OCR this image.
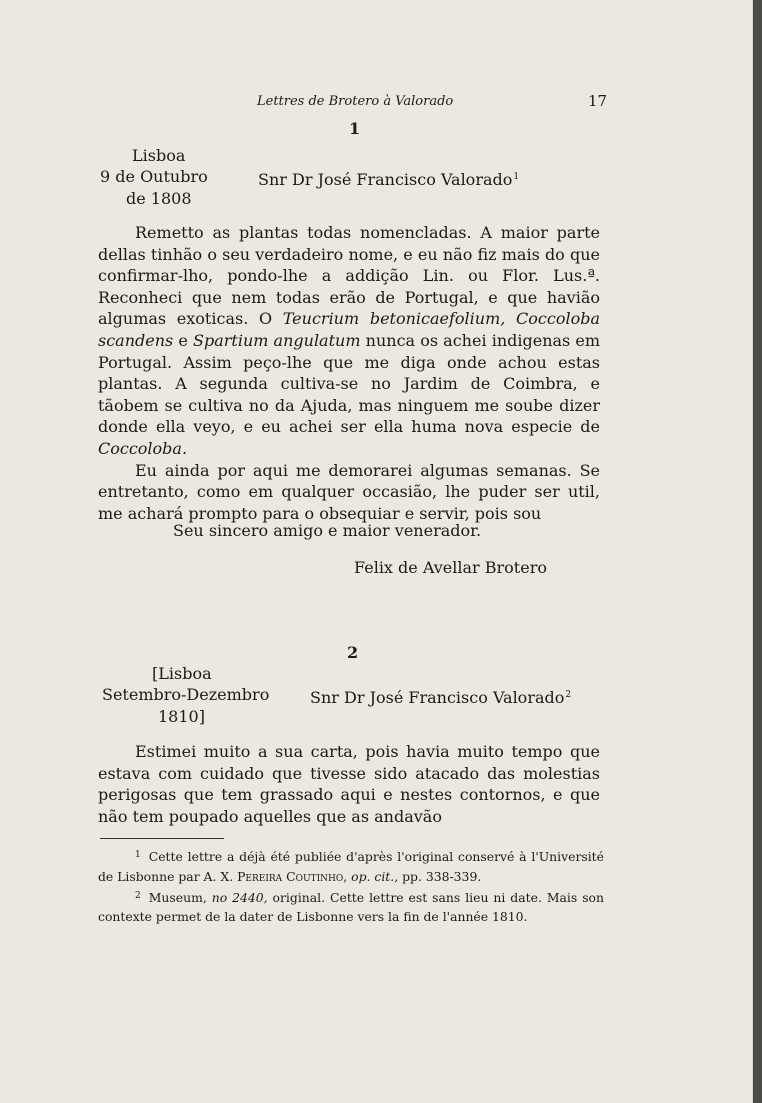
Lettres de Brotero à Valorado	17
1
Lisboa
9 de Outubro
de 1808
Snr Dr José Francisco Valorado$^1$

Remetto as plantas todas nomencladas. A maior parte dellas tinhão o seu verdadeiro nome, e eu não fiz mais do que confirmar-lho, pondo-lhe a addição Lin. ou Flor. Lus.ª. Reconheci que nem todas erão de Portugal, e que havião algumas exoticas. O Teucrium betonicaefolium, Coccoloba scandens e Spartium angulatum nunca os achei indigenas em Portugal. Assim peço-lhe que me diga onde achou estas plantas. A segunda cultiva-se no Jardim de Coimbra, e tãobem se cultiva no da Ajuda, mas ninguem me soube dizer donde ella veyo, e eu achei ser ella huma nova especie de Coccoloba.

Eu ainda por aqui me demorarei algumas semanas. Se entretanto, como em qualquer occasião, lhe puder ser util, me achará prompto para o obsequiar e servir, pois sou

Seu sincero amigo e maior venerador.
Felix de Avellar Brotero
2
[Lisboa
Setembro-Dezembro
1810]
Snr Dr José Francisco Valorado$^2$

Estimei muito a sua carta, pois havia muito tempo que estava com cuidado que tivesse sido atacado das molestias perigosas que tem grassado aqui e nestes contornos, e que não tem poupado aquelles que as andavão

$^1$ Cette lettre a déjà été publiée d'après l'original conservé à l'Université de Lisbonne par A. X. Pereira Coutinho, op. cit., pp. 338-339.

$^2$ Museum, no 2440, original. Cette lettre est sans lieu ni date. Mais son contexte permet de la dater de Lisbonne vers la fin de l'année 1810.
